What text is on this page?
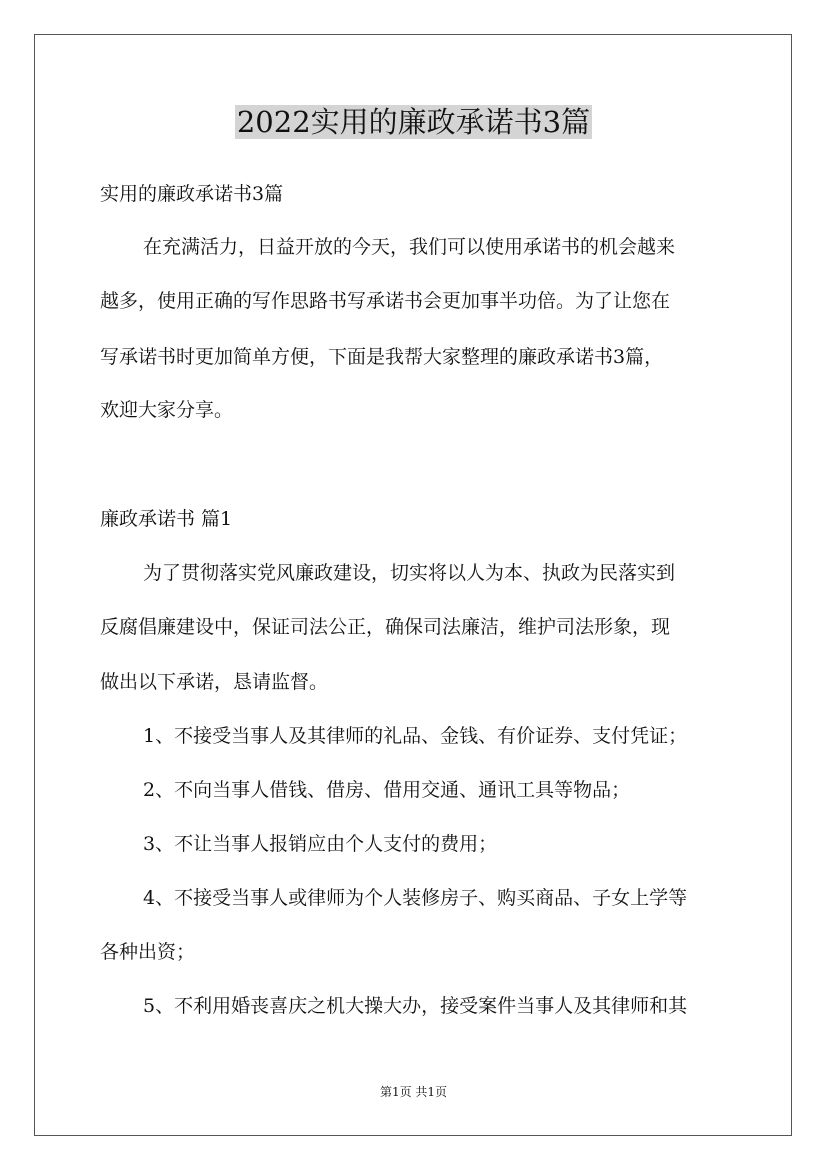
2022实用的廉政承诺书3篇

实用的廉政承诺书3篇

在充满活力，日益开放的今天，我们可以使用承诺书的机会越来

越多，使用正确的写作思路书写承诺书会更加事半功倍。为了让您在

写承诺书时更加简单方便，下面是我帮大家整理的廉政承诺书3篇，

欢迎大家分享。

廉政承诺书 篇1

为了贯彻落实党风廉政建设，切实将以人为本、执政为民落实到

反腐倡廉建设中，保证司法公正，确保司法廉洁，维护司法形象，现

做出以下承诺，恳请监督。

1、不接受当事人及其律师的礼品、金钱、有价证券、支付凭证；

2、不向当事人借钱、借房、借用交通、通讯工具等物品；

3、不让当事人报销应由个人支付的费用；

4、不接受当事人或律师为个人装修房子、购买商品、子女上学等

各种出资；

5、不利用婚丧喜庆之机大操大办，接受案件当事人及其律师和其

第1页 共1页
